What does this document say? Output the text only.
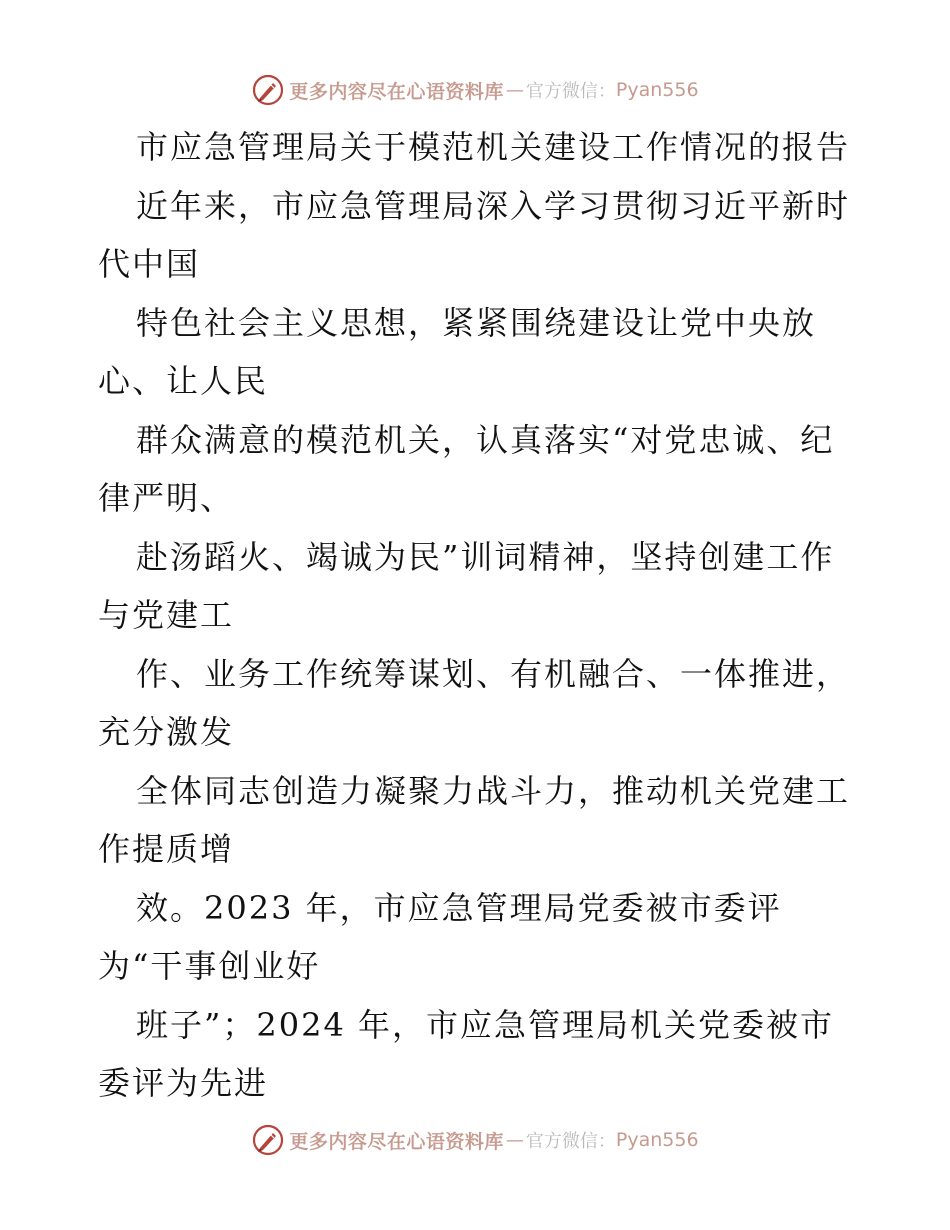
更多内容尽在心语资料库 — 官方微信： Pyan556
市应急管理局关于模范机关建设工作情况的报告
近年来，市应急管理局深入学习贯彻习近平新时
代中国
特色社会主义思想，紧紧围绕建设让党中央放
心、让人民
群众满意的模范机关，认真落实“对党忠诚、纪
律严明、
赴汤蹈火、竭诚为民”训词精神，坚持创建工作
与党建工
作、业务工作统筹谋划、有机融合、一体推进，
充分激发
全体同志创造力凝聚力战斗力，推动机关党建工
作提质增
效。2023 年，市应急管理局党委被市委评
为“干事创业好
班子”；2024 年，市应急管理局机关党委被市
委评为先进
更多内容尽在心语资料库 — 官方微信： Pyan556
